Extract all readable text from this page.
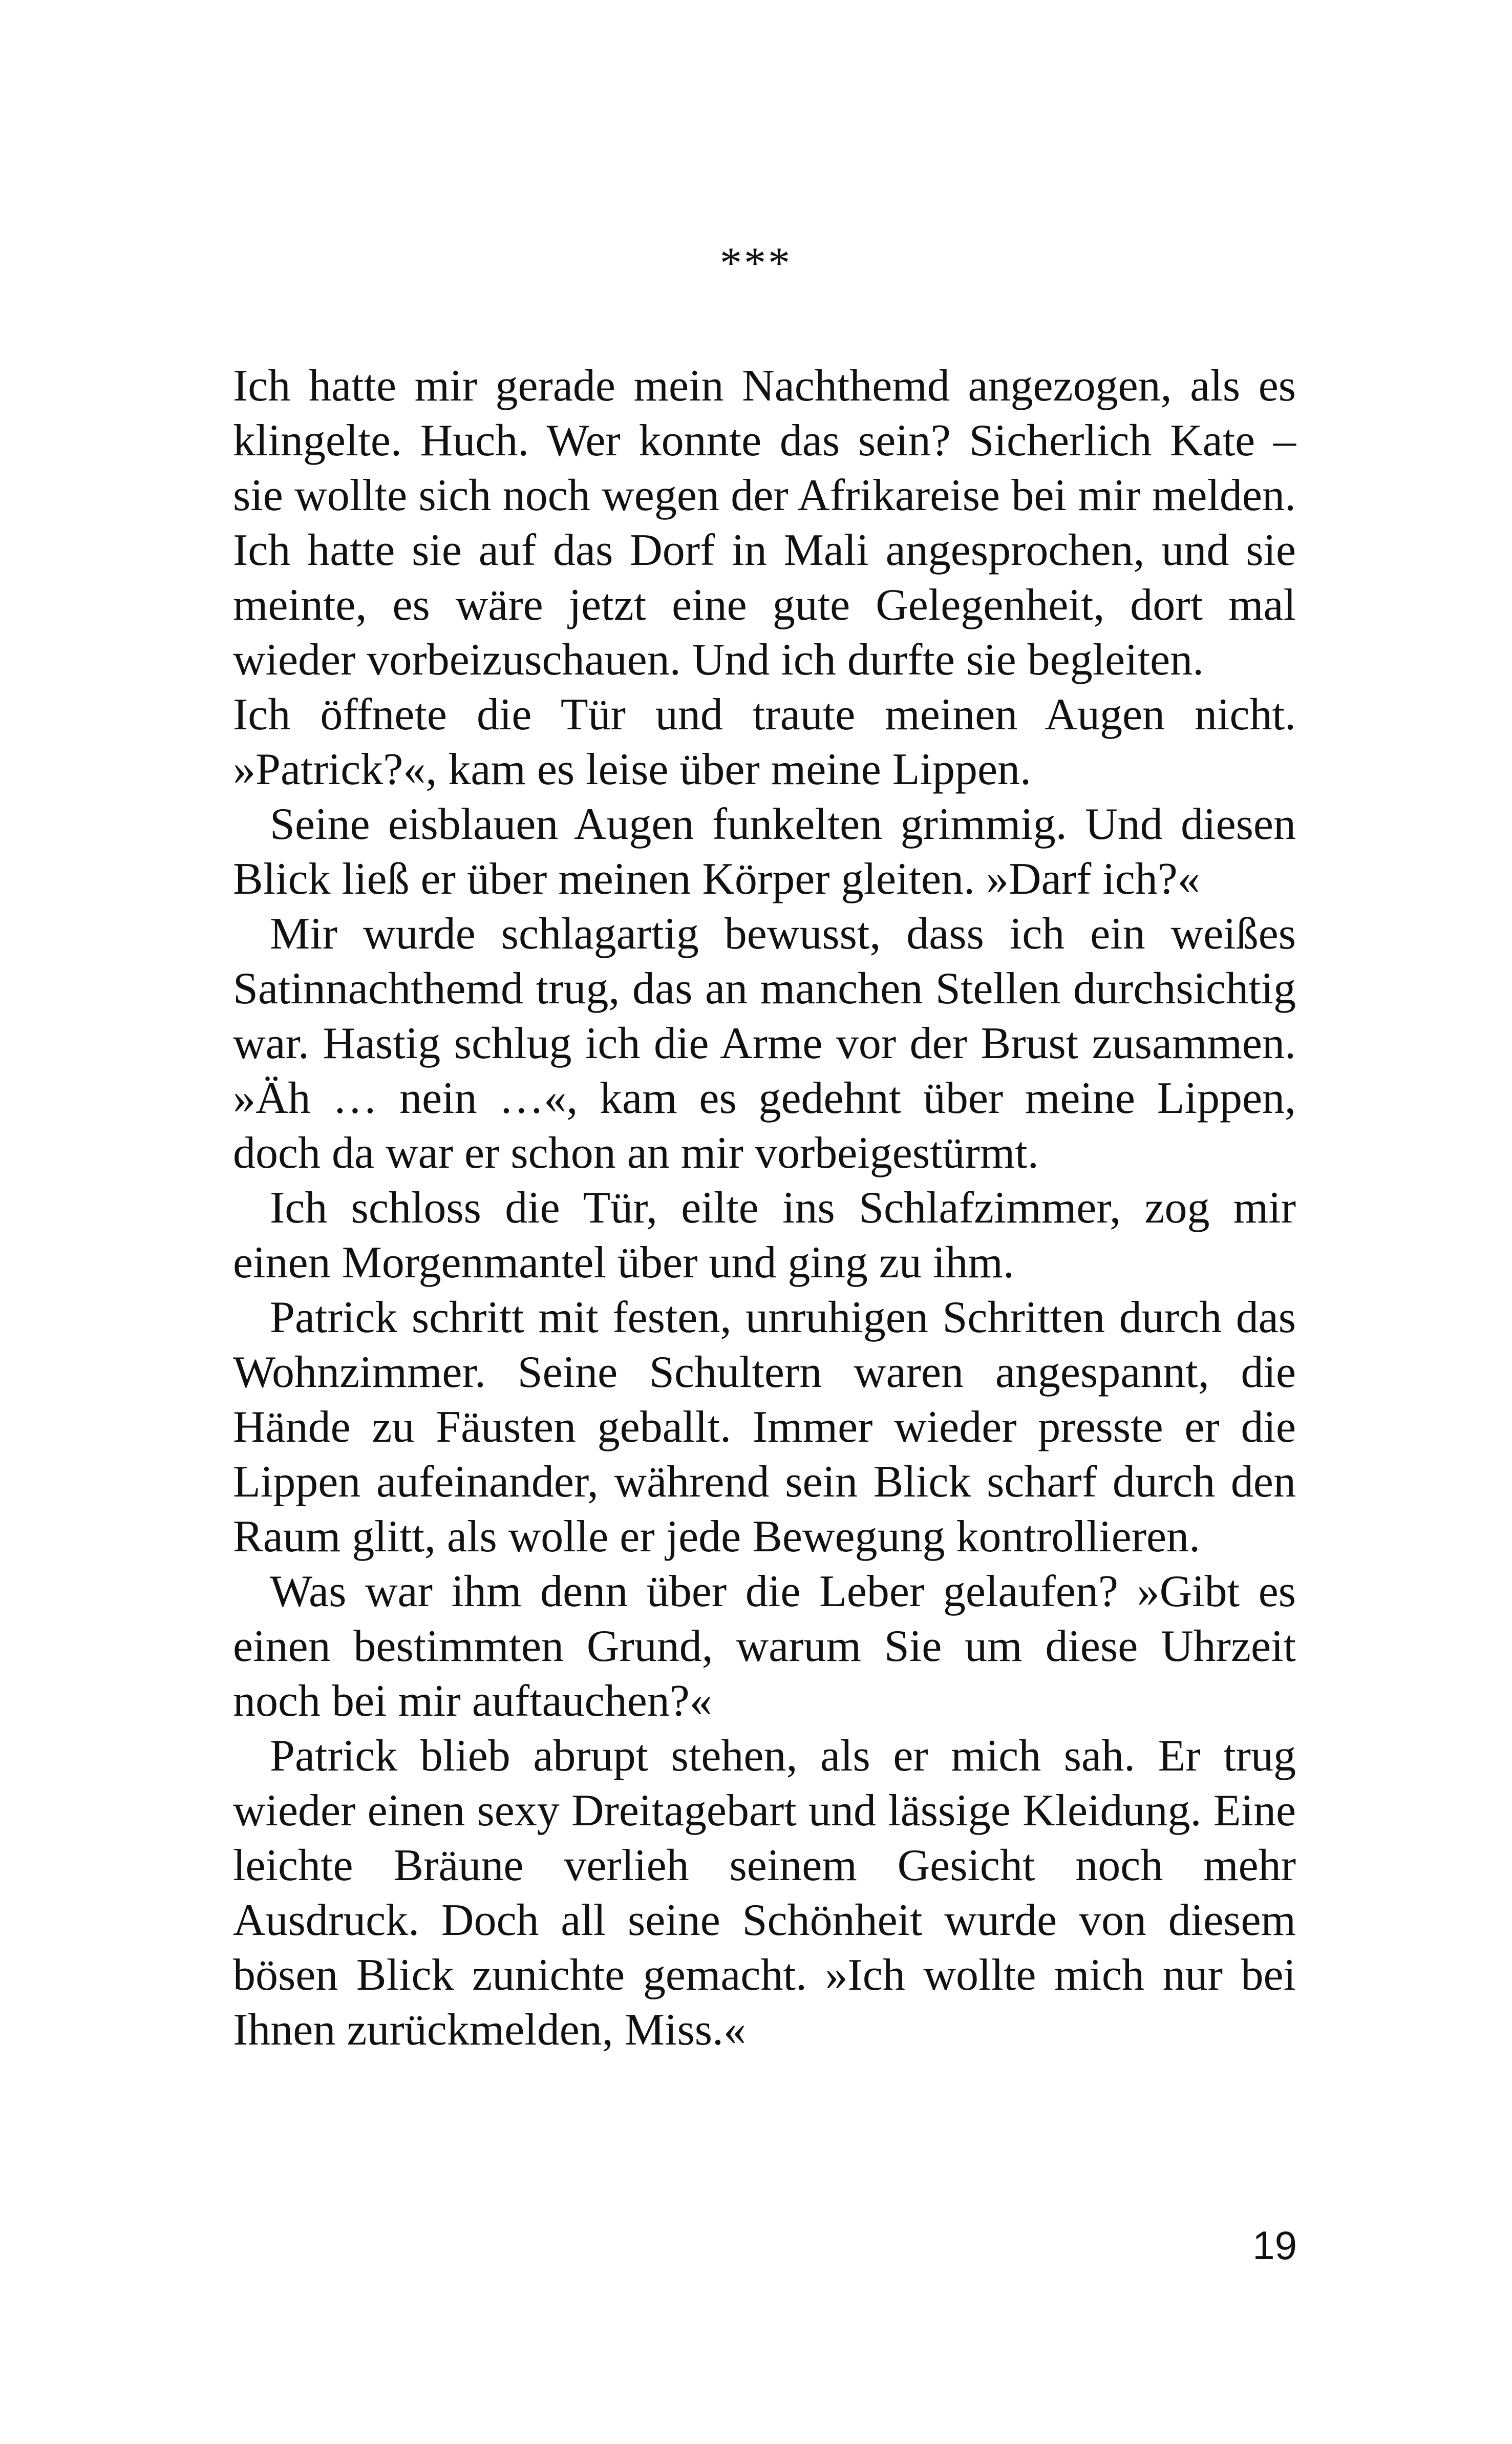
***

Ich hatte mir gerade mein Nachthemd angezogen, als es klingelte. Huch. Wer konnte das sein? Sicherlich Kate – sie wollte sich noch wegen der Afrikareise bei mir melden. Ich hatte sie auf das Dorf in Mali angesprochen, und sie meinte, es wäre jetzt eine gute Gelegenheit, dort mal wieder vorbeizuschauen. Und ich durfte sie begleiten.

Ich öffnete die Tür und traute meinen Augen nicht. »Patrick?«, kam es leise über meine Lippen.

Seine eisblauen Augen funkelten grimmig. Und diesen Blick ließ er über meinen Körper gleiten. »Darf ich?«

Mir wurde schlagartig bewusst, dass ich ein weißes Satinnachthemd trug, das an manchen Stellen durchsichtig war. Hastig schlug ich die Arme vor der Brust zusammen. »Äh … nein …«, kam es gedehnt über meine Lippen, doch da war er schon an mir vorbeigestürmt.

Ich schloss die Tür, eilte ins Schlafzimmer, zog mir einen Morgenmantel über und ging zu ihm.

Patrick schritt mit festen, unruhigen Schritten durch das Wohnzimmer. Seine Schultern waren angespannt, die Hände zu Fäusten geballt. Immer wieder presste er die Lippen aufeinander, während sein Blick scharf durch den Raum glitt, als wolle er jede Bewegung kontrollieren.

Was war ihm denn über die Leber gelaufen? »Gibt es einen bestimmten Grund, warum Sie um diese Uhrzeit noch bei mir auftauchen?«

Patrick blieb abrupt stehen, als er mich sah. Er trug wieder einen sexy Dreitagebart und lässige Kleidung. Eine leichte Bräune verlieh seinem Gesicht noch mehr Ausdruck. Doch all seine Schönheit wurde von diesem bösen Blick zunichte gemacht. »Ich wollte mich nur bei Ihnen zurückmelden, Miss.«

19
